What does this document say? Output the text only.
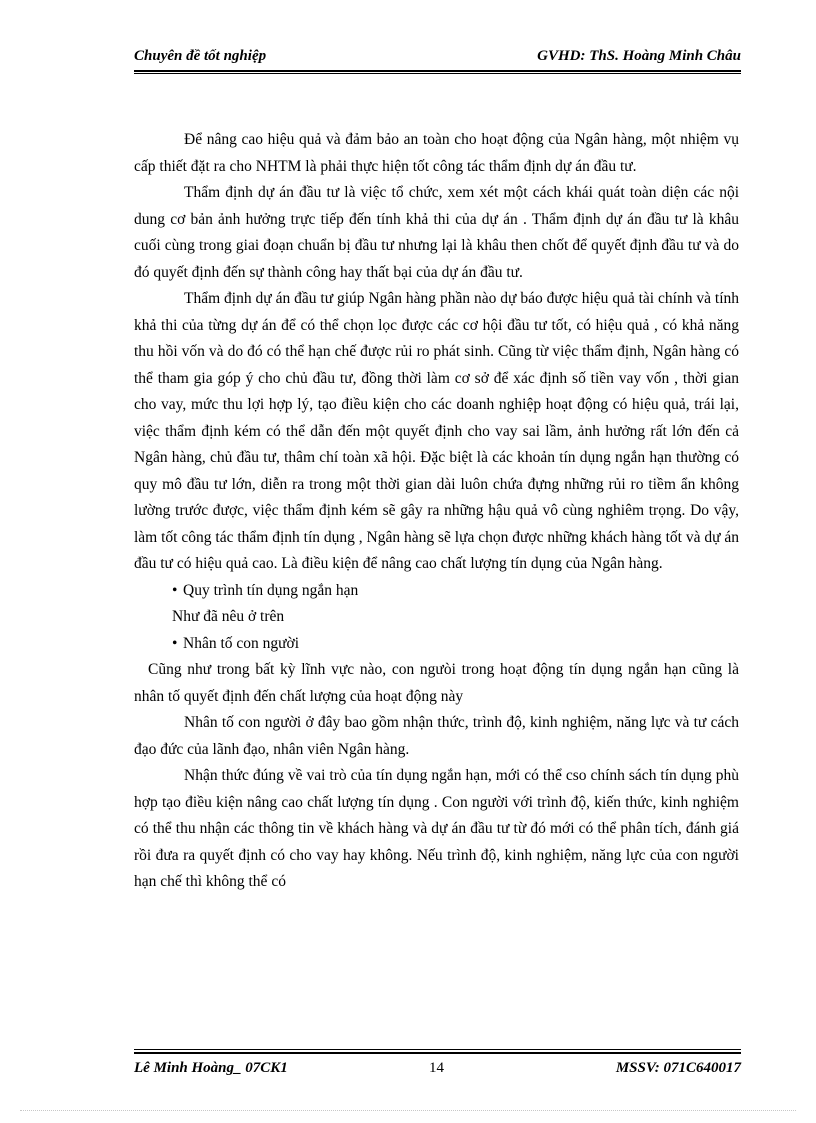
Chuyên đề tốt nghiệp	GVHD: ThS. Hoàng Minh Châu

Để nâng cao hiệu quả và đảm bảo an toàn cho hoạt động của Ngân hàng, một nhiệm vụ cấp thiết đặt ra cho NHTM là phải thực hiện tốt công tác thẩm định dự án đầu tư.

Thẩm định dự án đầu tư là việc tổ chức, xem xét một cách khái quát toàn diện các nội dung cơ bản ảnh hưởng trực tiếp đến tính khả thi của dự án . Thẩm định dự án đầu tư là khâu cuối cùng trong giai đoạn chuẩn bị đầu tư nhưng lại là khâu then chốt để quyết định đầu tư và do đó quyết định đến sự thành công hay thất bại của dự án đầu tư.

Thẩm định dự án đầu tư giúp Ngân hàng phần nào dự báo được hiệu quả tài chính và tính khả thi của từng dự án để có thể chọn lọc được các cơ hội đầu tư tốt, có hiệu quả , có khả năng thu hồi vốn và do đó có thể hạn chế được rủi ro phát sinh. Cũng từ việc thẩm định, Ngân hàng có thể tham gia góp ý cho chủ đầu tư, đồng thời làm cơ sở để xác định số tiền vay vốn , thời gian cho vay, mức thu lợi hợp lý, tạo điều kiện cho các doanh nghiệp hoạt động có hiệu quả, trái lại, việc thẩm định kém có thể dẫn đến một quyết định cho vay sai lầm, ảnh hưởng rất lớn đến cả Ngân hàng, chủ đầu tư, thâm chí toàn xã hội. Đặc biệt là các khoản tín dụng ngắn hạn thường có quy mô đầu tư lớn, diễn ra trong một thời gian dài luôn chứa đựng những rủi ro tiềm ẩn không lường trước được, việc thẩm định kém sẽ gây ra những hậu quả vô cùng nghiêm trọng. Do vậy, làm tốt công tác thẩm định tín dụng , Ngân hàng sẽ lựa chọn được những khách hàng tốt và dự án đầu tư có hiệu quả cao. Là điều kiện để nâng cao chất lượng tín dụng của Ngân hàng.

• Quy trình tín dụng ngắn hạn

Như đã nêu ở trên

• Nhân tố con người

Cũng như trong bất kỳ lĩnh vực nào, con ngưòi trong hoạt động tín dụng ngắn hạn cũng là nhân tố quyết định đến chất lượng của hoạt động này

Nhân tố con người ở đây bao gồm nhận thức, trình độ, kinh nghiệm, năng lực và tư cách đạo đức của lãnh đạo, nhân viên Ngân hàng.

Nhận thức đúng về vai trò của tín dụng ngắn hạn, mới có thể cso chính sách tín dụng phù hợp tạo điều kiện nâng cao chất lượng tín dụng . Con người với trình độ, kiến thức, kinh nghiệm có thể thu nhận các thông tin về khách hàng và dự án đầu tư từ đó mới có thể phân tích, đánh giá rồi đưa ra quyết định có cho vay hay không. Nếu trình độ, kinh nghiệm, năng lực của con người hạn chế thì không thể có

Lê Minh Hoàng_ 07CK1	14	MSSV: 071C640017
